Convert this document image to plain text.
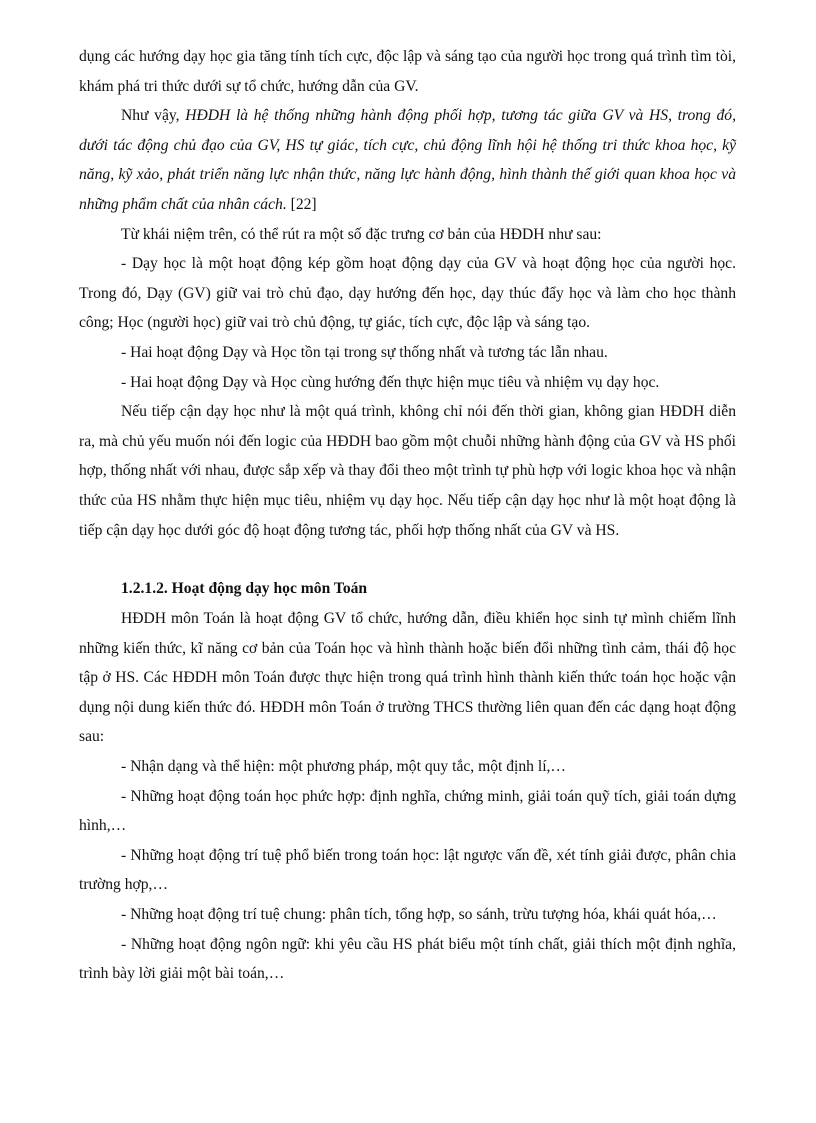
dụng các hướng dạy học gia tăng tính tích cực, độc lập và sáng tạo của người học trong quá trình tìm tòi, khám phá tri thức dưới sự tổ chức, hướng dẫn của GV.

Như vậy, HĐDH là hệ thống những hành động phối hợp, tương tác giữa GV và HS, trong đó, dưới tác động chủ đạo của GV, HS tự giác, tích cực, chủ động lĩnh hội hệ thống tri thức khoa học, kỹ năng, kỹ xảo, phát triển năng lực nhận thức, năng lực hành động, hình thành thế giới quan khoa học và những phẩm chất của nhân cách. [22]

Từ khái niệm trên, có thể rút ra một số đặc trưng cơ bản của HĐDH như sau:

- Dạy học là một hoạt động kép gồm hoạt động dạy của GV và hoạt động học của người học. Trong đó, Dạy (GV) giữ vai trò chủ đạo, dạy hướng đến học, dạy thúc đẩy học và làm cho học thành công; Học (người học) giữ vai trò chủ động, tự giác, tích cực, độc lập và sáng tạo.

- Hai hoạt động Dạy và Học tồn tại trong sự thống nhất và tương tác lẫn nhau.

- Hai hoạt động Dạy và Học cùng hướng đến thực hiện mục tiêu và nhiệm vụ dạy học.

Nếu tiếp cận dạy học như là một quá trình, không chỉ nói đến thời gian, không gian HĐDH diễn ra, mà chủ yếu muốn nói đến logic của HĐDH bao gồm một chuỗi những hành động của GV và HS phối hợp, thống nhất với nhau, được sắp xếp và thay đổi theo một trình tự phù hợp với logic khoa học và nhận thức của HS nhằm thực hiện mục tiêu, nhiệm vụ dạy học. Nếu tiếp cận dạy học như là một hoạt động là tiếp cận dạy học dưới góc độ hoạt động tương tác, phối hợp thống nhất của GV và HS.

1.2.1.2. Hoạt động dạy học môn Toán

HĐDH môn Toán là hoạt động GV tổ chức, hướng dẫn, điều khiển học sinh tự mình chiếm lĩnh những kiến thức, kĩ năng cơ bản của Toán học và hình thành hoặc biến đổi những tình cảm, thái độ học tập ở HS. Các HĐDH môn Toán được thực hiện trong quá trình hình thành kiến thức toán học hoặc vận dụng nội dung kiến thức đó. HĐDH môn Toán ở trường THCS thường liên quan đến các dạng hoạt động sau:

- Nhận dạng và thể hiện: một phương pháp, một quy tắc, một định lí,…

- Những hoạt động toán học phức hợp: định nghĩa, chứng minh, giải toán quỹ tích, giải toán dựng hình,…

- Những hoạt động trí tuệ phổ biến trong toán học: lật ngược vấn đề, xét tính giải được, phân chia trường hợp,…

- Những hoạt động trí tuệ chung: phân tích, tổng hợp, so sánh, trừu tượng hóa, khái quát hóa,…

- Những hoạt động ngôn ngữ: khi yêu cầu HS phát biểu một tính chất, giải thích một định nghĩa, trình bày lời giải một bài toán,…
